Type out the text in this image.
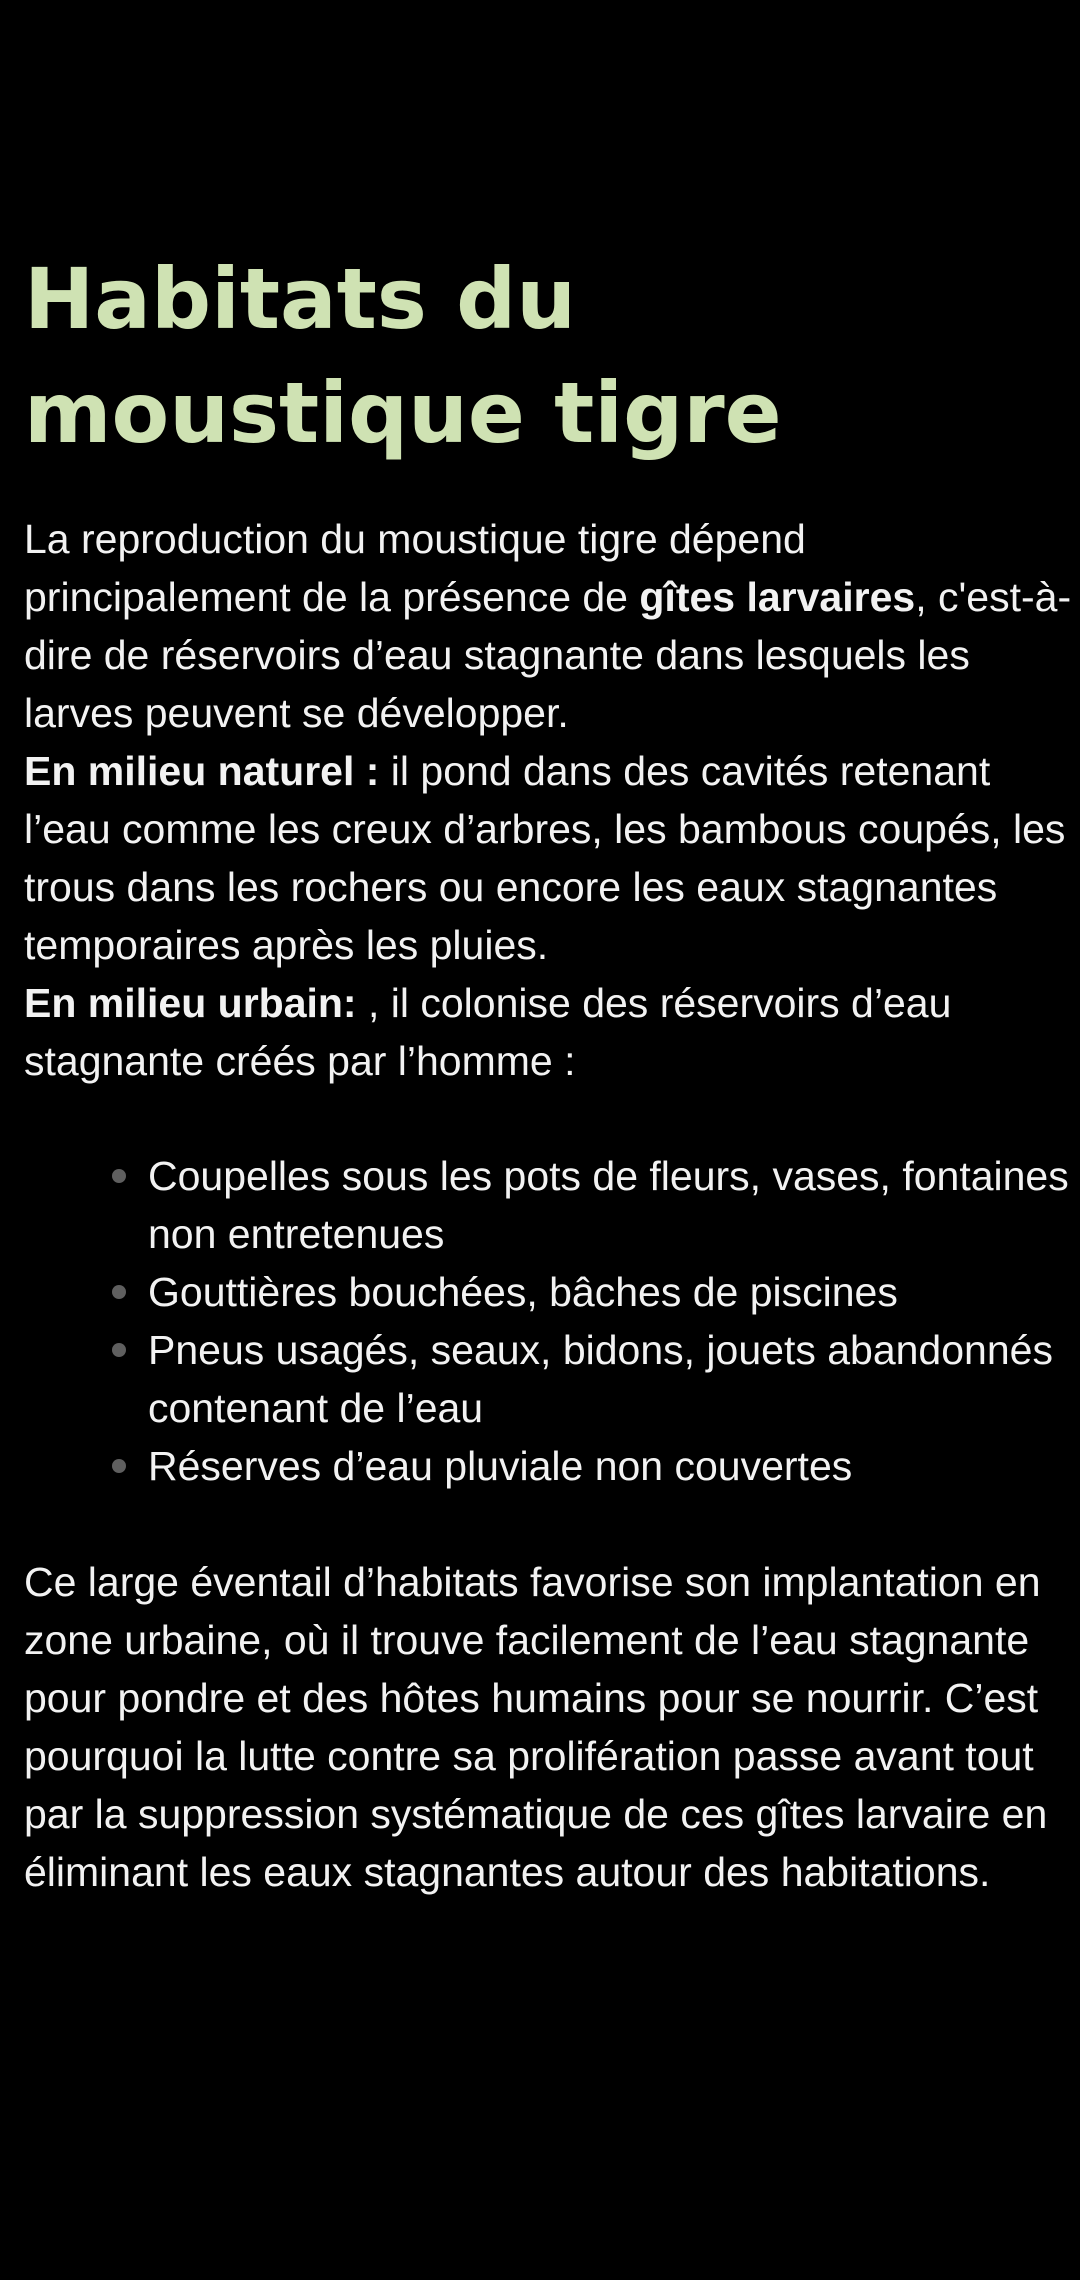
Habitats du
moustique tigre

La reproduction du moustique tigre dépend principalement de la présence de gîtes larvaires, c'est-à-dire de réservoirs d’eau stagnante dans lesquels les larves peuvent se développer.

En milieu naturel : il pond dans des cavités retenant l’eau comme les creux d’arbres, les bambous coupés, les trous dans les rochers ou encore les eaux stagnantes temporaires après les pluies.

En milieu urbain: , il colonise des réservoirs d’eau stagnante créés par l’homme :

Coupelles sous les pots de fleurs, vases, fontaines non entretenues
Gouttières bouchées, bâches de piscines
Pneus usagés, seaux, bidons, jouets abandonnés contenant de l’eau
Réserves d’eau pluviale non couvertes

Ce large éventail d’habitats favorise son implantation en zone urbaine, où il trouve facilement de l’eau stagnante pour pondre et des hôtes humains pour se nourrir. C’est pourquoi la lutte contre sa prolifération passe avant tout par la suppression systématique de ces gîtes larvaire en éliminant les eaux stagnantes autour des habitations.
